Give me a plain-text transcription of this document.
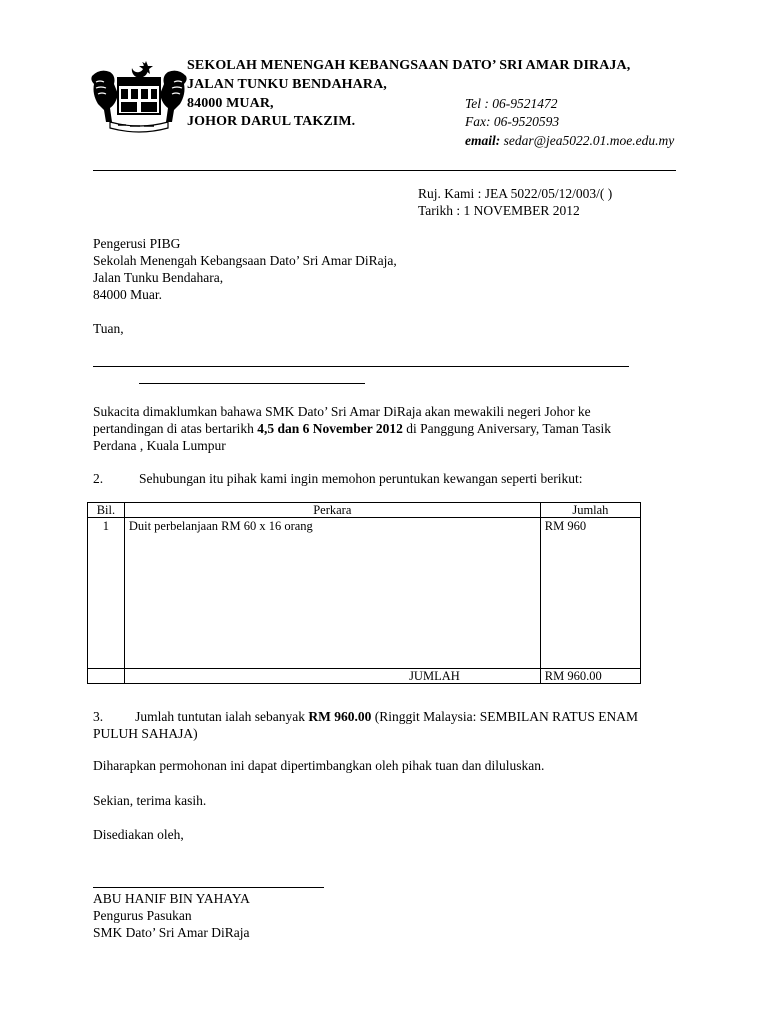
SEKOLAH MENENGAH KEBANGSAAN DATO’ SRI AMAR DIRAJA,
JALAN TUNKU BENDAHARA,
84000 MUAR,
JOHOR DARUL TAKZIM.
Tel : 06-9521472
Fax: 06-9520593
email: sedar@jea5022.01.moe.edu.my
Ruj. Kami : JEA 5022/05/12/003/( )
Tarikh : 1 NOVEMBER 2012
Pengerusi PIBG
Sekolah Menengah Kebangsaan Dato’ Sri Amar DiRaja,
Jalan Tunku Bendahara,
84000 Muar.
Tuan,
Sukacita dimaklumkan bahawa SMK Dato’ Sri Amar DiRaja akan mewakili negeri Johor ke pertandingan di atas bertarikh 4,5 dan 6 November 2012 di Panggung Aniversary, Taman Tasik Perdana , Kuala Lumpur
2.	Sehubungan itu pihak kami ingin memohon peruntukan kewangan seperti berikut:
Bil.	Perkara	Jumlah
1	Duit perbelanjaan RM 60 x 16 orang	RM 960
	JUMLAH	RM 960.00
3. Jumlah tuntutan ialah sebanyak RM 960.00 (Ringgit Malaysia: SEMBILAN RATUS ENAM PULUH SAHAJA)
Diharapkan permohonan ini dapat dipertimbangkan oleh pihak tuan dan diluluskan.
Sekian, terima kasih.
Disediakan oleh,
ABU HANIF BIN YAHAYA
Pengurus Pasukan
SMK Dato’ Sri Amar DiRaja
